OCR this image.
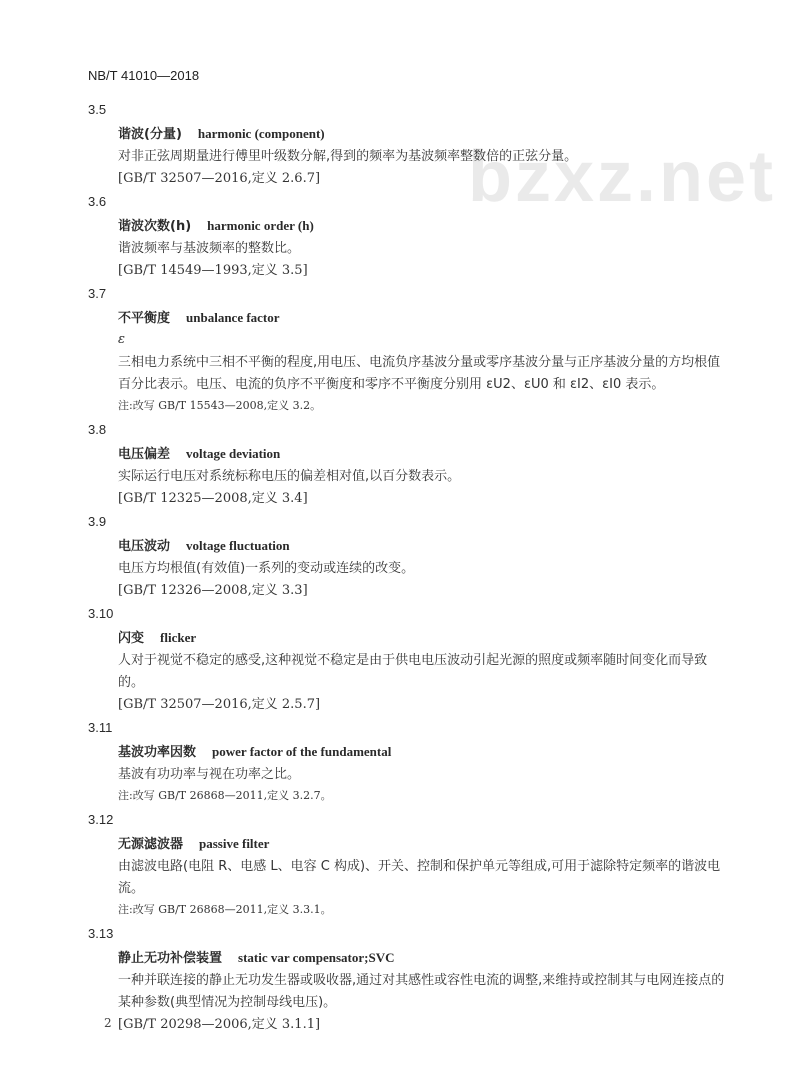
NB/T 41010—2018
bzxz.net
3.5
谐波(分量) harmonic (component)
对非正弦周期量进行傅里叶级数分解,得到的频率为基波频率整数倍的正弦分量。
[GB/T 32507—2016,定义 2.6.7]
3.6
谐波次数(h) harmonic order (h)
谐波频率与基波频率的整数比。
[GB/T 14549—1993,定义 3.5]
3.7
不平衡度 unbalance factor
ε
三相电力系统中三相不平衡的程度,用电压、电流负序基波分量或零序基波分量与正序基波分量的方均根值百分比表示。电压、电流的负序不平衡度和零序不平衡度分别用 εU2、εU0 和 εI2、εI0 表示。
注:改写 GB/T 15543—2008,定义 3.2。
3.8
电压偏差 voltage deviation
实际运行电压对系统标称电压的偏差相对值,以百分数表示。
[GB/T 12325—2008,定义 3.4]
3.9
电压波动 voltage fluctuation
电压方均根值(有效值)一系列的变动或连续的改变。
[GB/T 12326—2008,定义 3.3]
3.10
闪变 flicker
人对于视觉不稳定的感受,这种视觉不稳定是由于供电电压波动引起光源的照度或频率随时间变化而导致的。
[GB/T 32507—2016,定义 2.5.7]
3.11
基波功率因数 power factor of the fundamental
基波有功功率与视在功率之比。
注:改写 GB/T 26868—2011,定义 3.2.7。
3.12
无源滤波器 passive filter
由滤波电路(电阻 R、电感 L、电容 C 构成)、开关、控制和保护单元等组成,可用于滤除特定频率的谐波电流。
注:改写 GB/T 26868—2011,定义 3.3.1。
3.13
静止无功补偿装置 static var compensator;SVC
一种并联连接的静止无功发生器或吸收器,通过对其感性或容性电流的调整,来维持或控制其与电网连接点的某种参数(典型情况为控制母线电压)。
[GB/T 20298—2006,定义 3.1.1]
2
